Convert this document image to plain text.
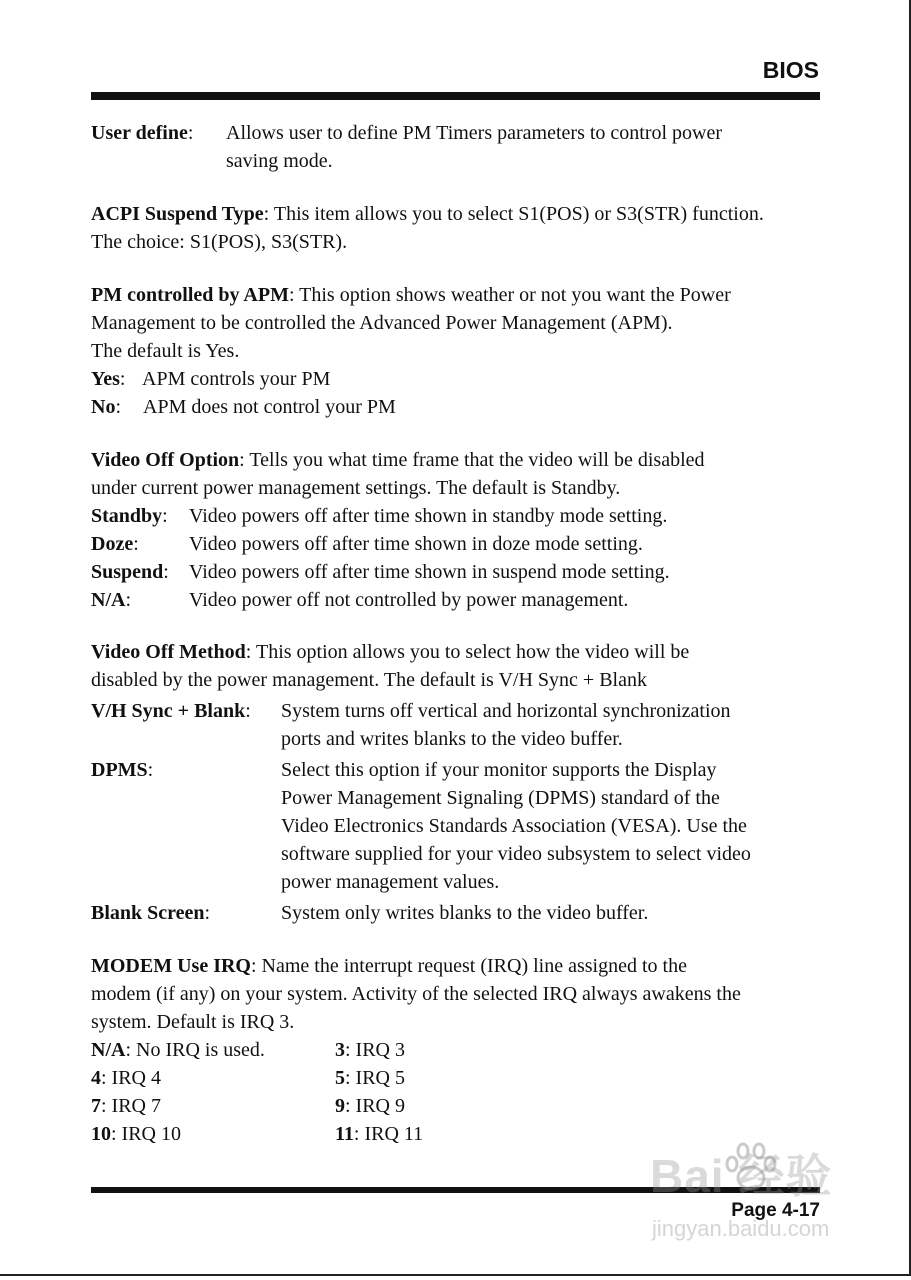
BIOS
User define: Allows user to define PM Timers parameters to control power
saving mode.
ACPI Suspend Type: This item allows you to select S1(POS) or S3(STR) function.
The choice: S1(POS), S3(STR).
PM controlled by APM: This option shows weather or not you want the Power
Management to be controlled the Advanced Power Management (APM).
The default is Yes.
Yes: APM controls your PM
No: APM does not control your PM
Video Off Option: Tells you what time frame that the video will be disabled
under current power management settings. The default is Standby.
Standby: Video powers off after time shown in standby mode setting.
Doze:	Video powers off after time shown in doze mode setting.
Suspend: Video powers off after time shown in suspend mode setting.
N/A:	Video power off not controlled by power management.
Video Off Method: This option allows you to select how the video will be
disabled by the power management. The default is V/H Sync + Blank
V/H Sync + Blank: System turns off vertical and horizontal synchronization
ports and writes blanks to the video buffer.
DPMS:	Select this option if your monitor supports the Display
Power Management Signaling (DPMS) standard of the
Video Electronics Standards Association (VESA). Use the
software supplied for your video subsystem to select video
power management values.
Blank Screen:	System only writes blanks to the video buffer.
MODEM Use IRQ: Name the interrupt request (IRQ) line assigned to the
modem (if any) on your system. Activity of the selected IRQ always awakens the
system. Default is IRQ 3.
N/A: No IRQ is used.	3: IRQ 3
4: IRQ 4	5: IRQ 5
7: IRQ 7	9: IRQ 9
10: IRQ 10	11: IRQ 11
Bai 经验
jingyan.baidu.com
Page 4-17
